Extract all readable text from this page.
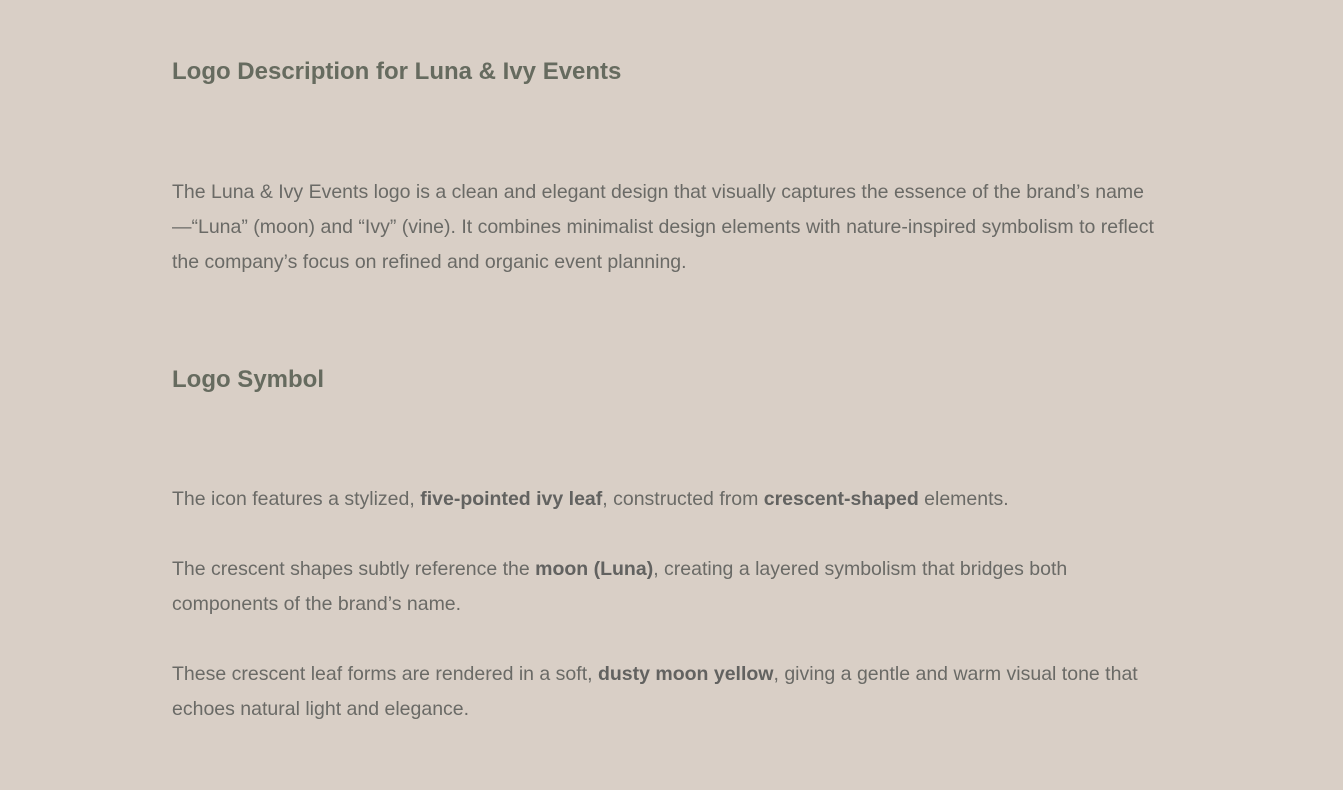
Logo Description for Luna & Ivy Events

The Luna & Ivy Events logo is a clean and elegant design that visually captures the essence of the brand’s name—“Luna” (moon) and “Ivy” (vine). It combines minimalist design elements with nature-inspired symbolism to reflect the company’s focus on refined and organic event planning.

Logo Symbol

The icon features a stylized, five-pointed ivy leaf, constructed from crescent-shaped elements.

The crescent shapes subtly reference the moon (Luna), creating a layered symbolism that bridges both components of the brand’s name.

These crescent leaf forms are rendered in a soft, dusty moon yellow, giving a gentle and warm visual tone that echoes natural light and elegance.
